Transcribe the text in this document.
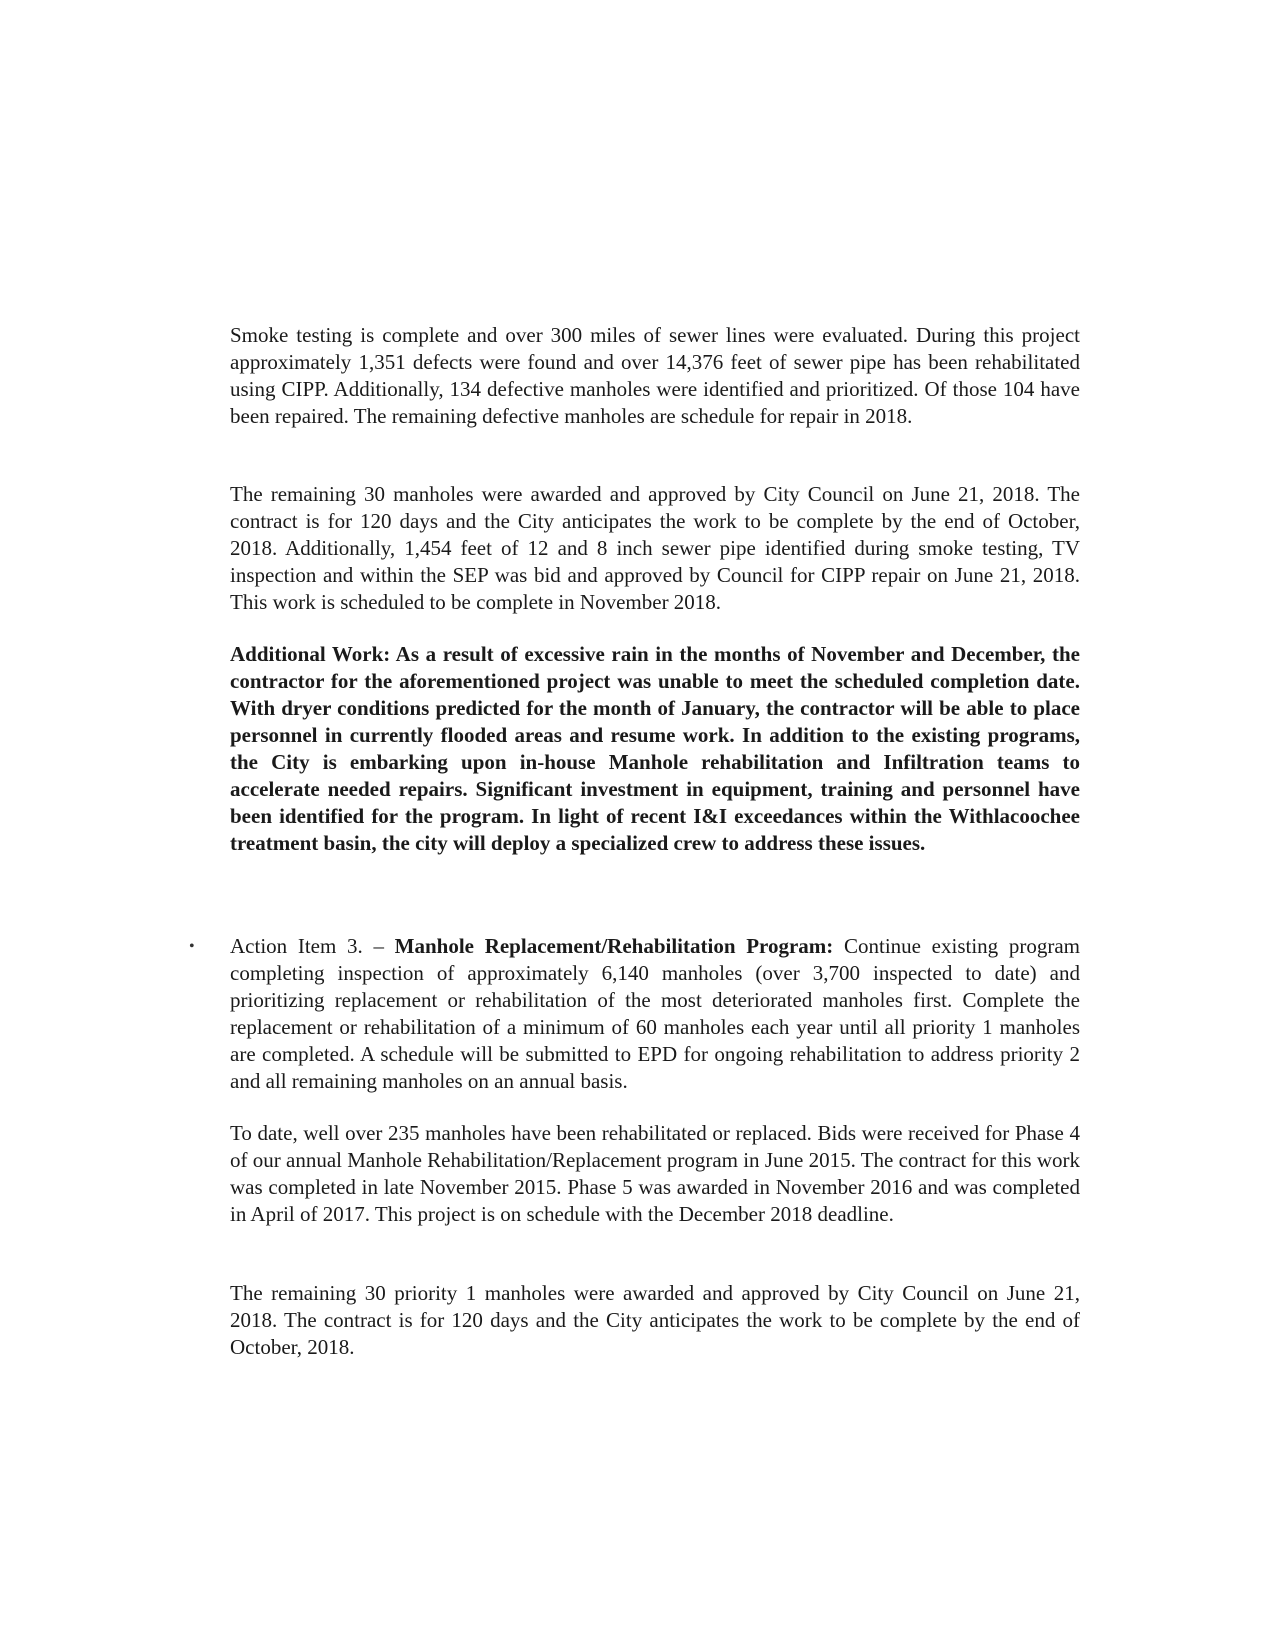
Smoke testing is complete and over 300 miles of sewer lines were evaluated. During this project approximately 1,351 defects were found and over 14,376 feet of sewer pipe has been rehabilitated using CIPP. Additionally, 134 defective manholes were identified and prioritized. Of those 104 have been repaired. The remaining defective manholes are schedule for repair in 2018.

The remaining 30 manholes were awarded and approved by City Council on June 21, 2018. The contract is for 120 days and the City anticipates the work to be complete by the end of October, 2018. Additionally, 1,454 feet of 12 and 8 inch sewer pipe identified during smoke testing, TV inspection and within the SEP was bid and approved by Council for CIPP repair on June 21, 2018. This work is scheduled to be complete in November 2018.

Additional Work: As a result of excessive rain in the months of November and December, the contractor for the aforementioned project was unable to meet the scheduled completion date. With dryer conditions predicted for the month of January, the contractor will be able to place personnel in currently flooded areas and resume work. In addition to the existing programs, the City is embarking upon in-house Manhole rehabilitation and Infiltration teams to accelerate needed repairs. Significant investment in equipment, training and personnel have been identified for the program. In light of recent I&I exceedances within the Withlacoochee treatment basin, the city will deploy a specialized crew to address these issues.

• Action Item 3. – Manhole Replacement/Rehabilitation Program: Continue existing program completing inspection of approximately 6,140 manholes (over 3,700 inspected to date) and prioritizing replacement or rehabilitation of the most deteriorated manholes first. Complete the replacement or rehabilitation of a minimum of 60 manholes each year until all priority 1 manholes are completed. A schedule will be submitted to EPD for ongoing rehabilitation to address priority 2 and all remaining manholes on an annual basis.

To date, well over 235 manholes have been rehabilitated or replaced. Bids were received for Phase 4 of our annual Manhole Rehabilitation/Replacement program in June 2015. The contract for this work was completed in late November 2015. Phase 5 was awarded in November 2016 and was completed in April of 2017. This project is on schedule with the December 2018 deadline.

The remaining 30 priority 1 manholes were awarded and approved by City Council on June 21, 2018. The contract is for 120 days and the City anticipates the work to be complete by the end of October, 2018.
